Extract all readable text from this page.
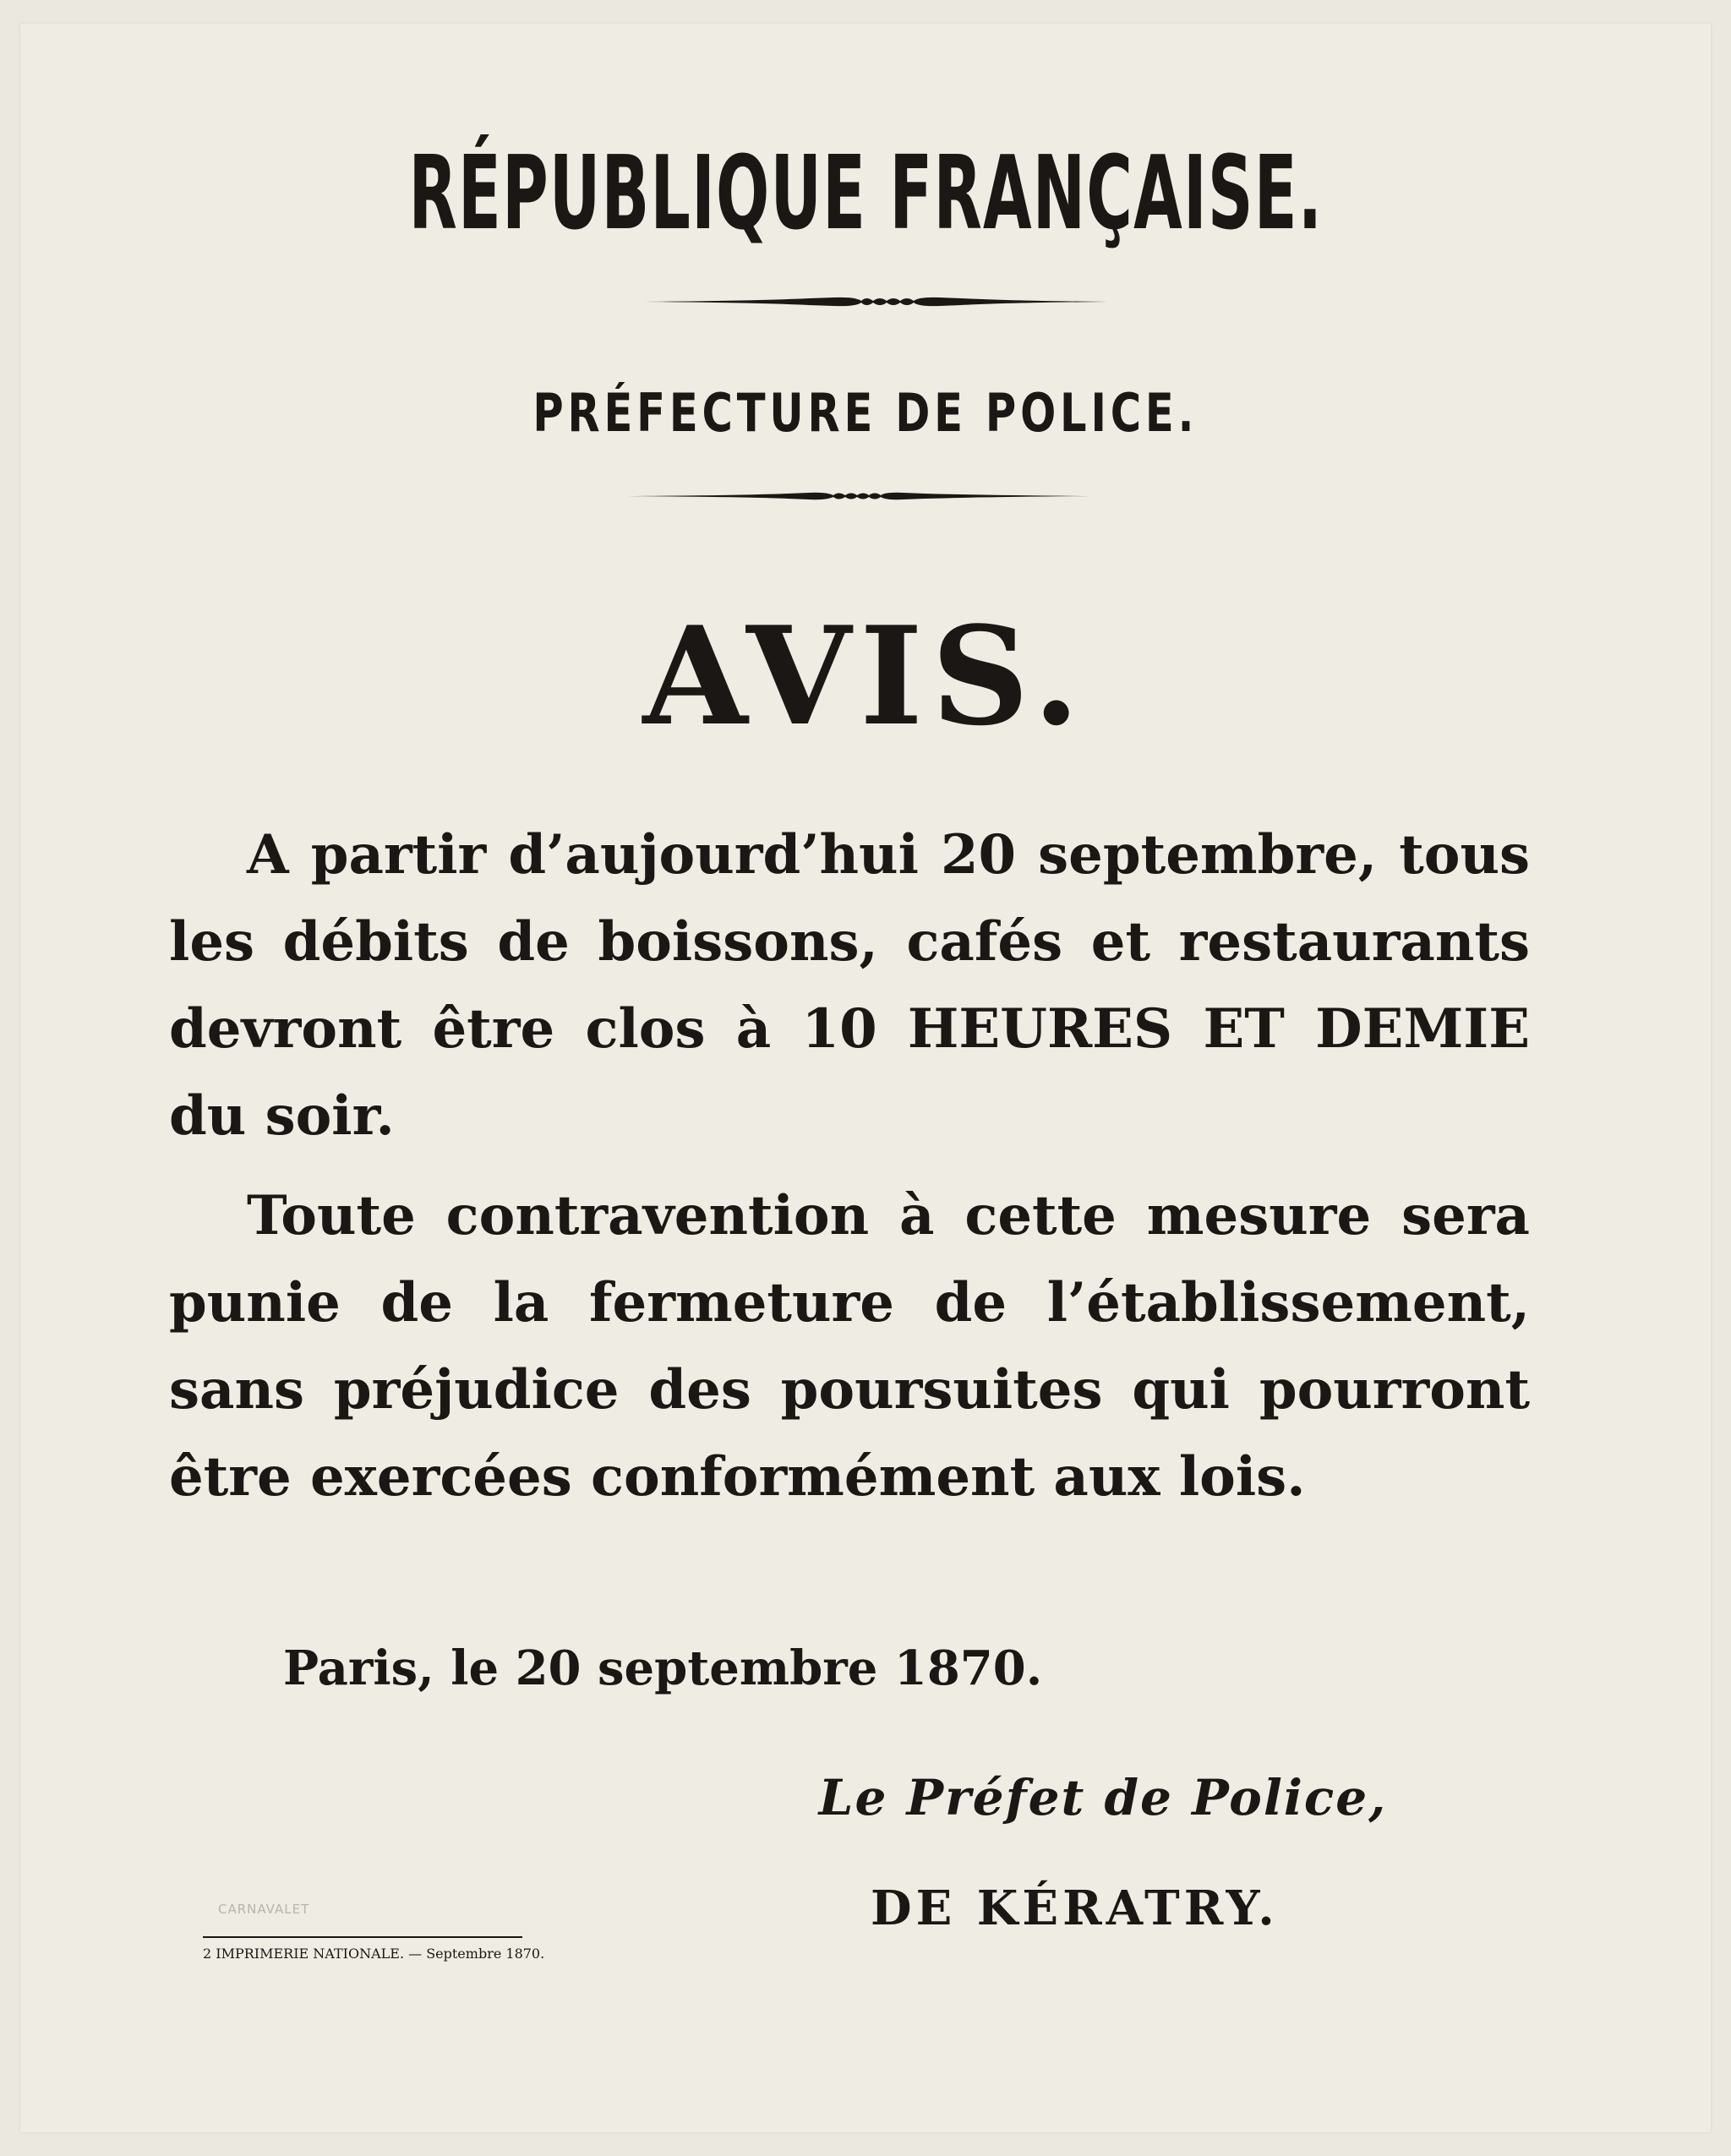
RÉPUBLIQUE FRANÇAISE.
PRÉFECTURE DE POLICE.
AVIS.
A partir d’aujourd’hui 20 septembre, tous les débits de boissons, cafés et restaurants devront être clos à 10 HEURES ET DEMIE du soir.
Toute contravention à cette mesure sera punie de la fermeture de l’établissement, sans préjudice des poursuites qui pourront être exercées conformément aux lois.
Paris, le 20 septembre 1870.
Le Préfet de Police,
DE KÉRATRY.
CARNAVALET
2 IMPRIMERIE NATIONALE. — Septembre 1870.
